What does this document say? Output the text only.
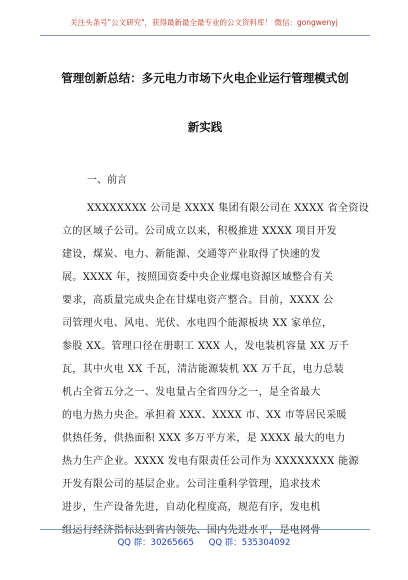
关注头条号"公文研究"，获得最新最全最专业的公文资料库！ 微信：gongwenyj
管理创新总结：多元电力市场下火电企业运行管理模式创
新实践
一、前言
XXXXXXXX 公司是 XXXX 集团有限公司在 XXXX 省全资设
立的区域子公司。公司成立以来，积极推进 XXXX 项目开发
建设，煤炭、电力、新能源、交通等产业取得了快速的发
展。XXXX 年，按照国资委中央企业煤电资源区域整合有关
要求，高质量完成央企在甘煤电资产整合。目前，XXXX 公
司管理火电、风电、光伏、水电四个能源板块 XX 家单位，
参股 XX。管理口径在册职工 XXX 人，发电装机容量 XX 万千
瓦，其中火电 XX 千瓦，清洁能源装机 XX 万千瓦，电力总装
机占全省五分之一、发电量占全省四分之一，是全省最大
的电力热力央企。承担着 XXX、XXXX 市、XX 市等居民采暖
供热任务，供热面积 XXX 多万平方米，是 XXXX 最大的电力
热力生产企业。XXXX 发电有限责任公司作为 XXXXXXXX 能源
开发有限公司的基层企业。公司注重科学管理，追求技术
进步，生产设备先进，自动化程度高，规范有序，发电机
组运行经济指标达到省内领先、国内先进水平，是电网骨
QQ 群：30265665 QQ 群：535304092
